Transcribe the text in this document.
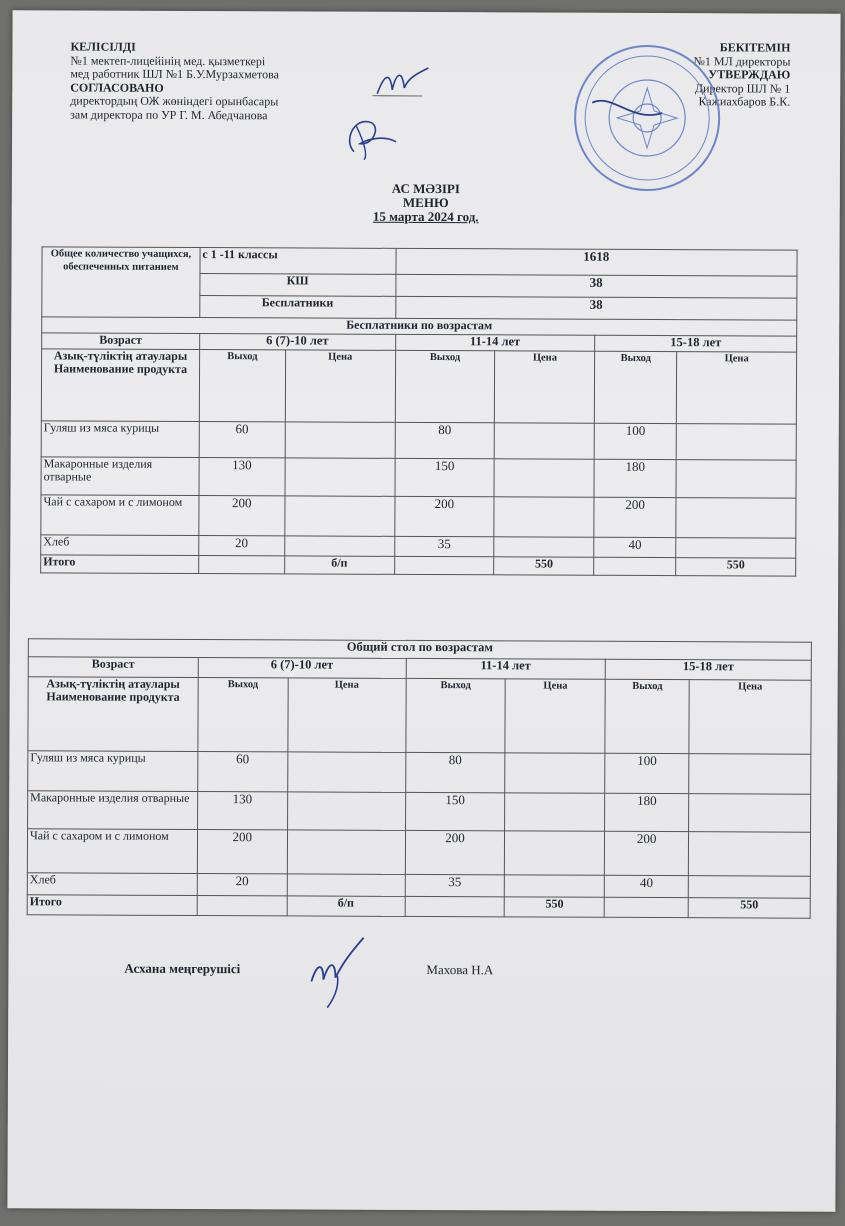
КЕЛІСІЛДІ
№1 мектеп-лицейінің мед. қызметкері
мед работник ШЛ №1 Б.У.Мурзахметова
СОГЛАСОВАНО
директордың ОЖ жөніндегі орынбасары
зам директора по УР Г. М. Абедчанова
БЕКІТЕМІН
№1 МЛ директоры
УТВЕРЖДАЮ
Директор ШЛ № 1
Кажиахбаров Б.К.
АС МӘЗІРІ
МЕНЮ
15 марта 2024 год.
Общее количество учащихся, обеспеченных питанием	с 1 -11 классы		1618			
	КШ		38			
	Бесплатники		38			
Бесплатники по возрастам						
Возраст	6 (7)-10 лет		11-14 лет		15-18 лет	
Азық-түліктің атаулары Наименование продукта	Выход	Цена	Выход	Цена	Выход	Цена
Гуляш из мяса курицы	60		80		100	
Макаронные изделия отварные	130		150		180	
Чай с сахаром и с лимоном	200		200		200	
Хлеб	20		35		40	
Итого		б/п		550		550
Общий стол по возрастам						
Возраст	6 (7)-10 лет		11-14 лет		15-18 лет	
Азық-түліктің атаулары Наименование продукта	Выход	Цена	Выход	Цена	Выход	Цена
Гуляш из мяса курицы	60		80		100	
Макаронные изделия отварные	130		150		180	
Чай с сахаром и с лимоном	200		200		200	
Хлеб	20		35		40	
Итого		б/п		550		550
Асхана меңгерушісі	Махова Н.А
